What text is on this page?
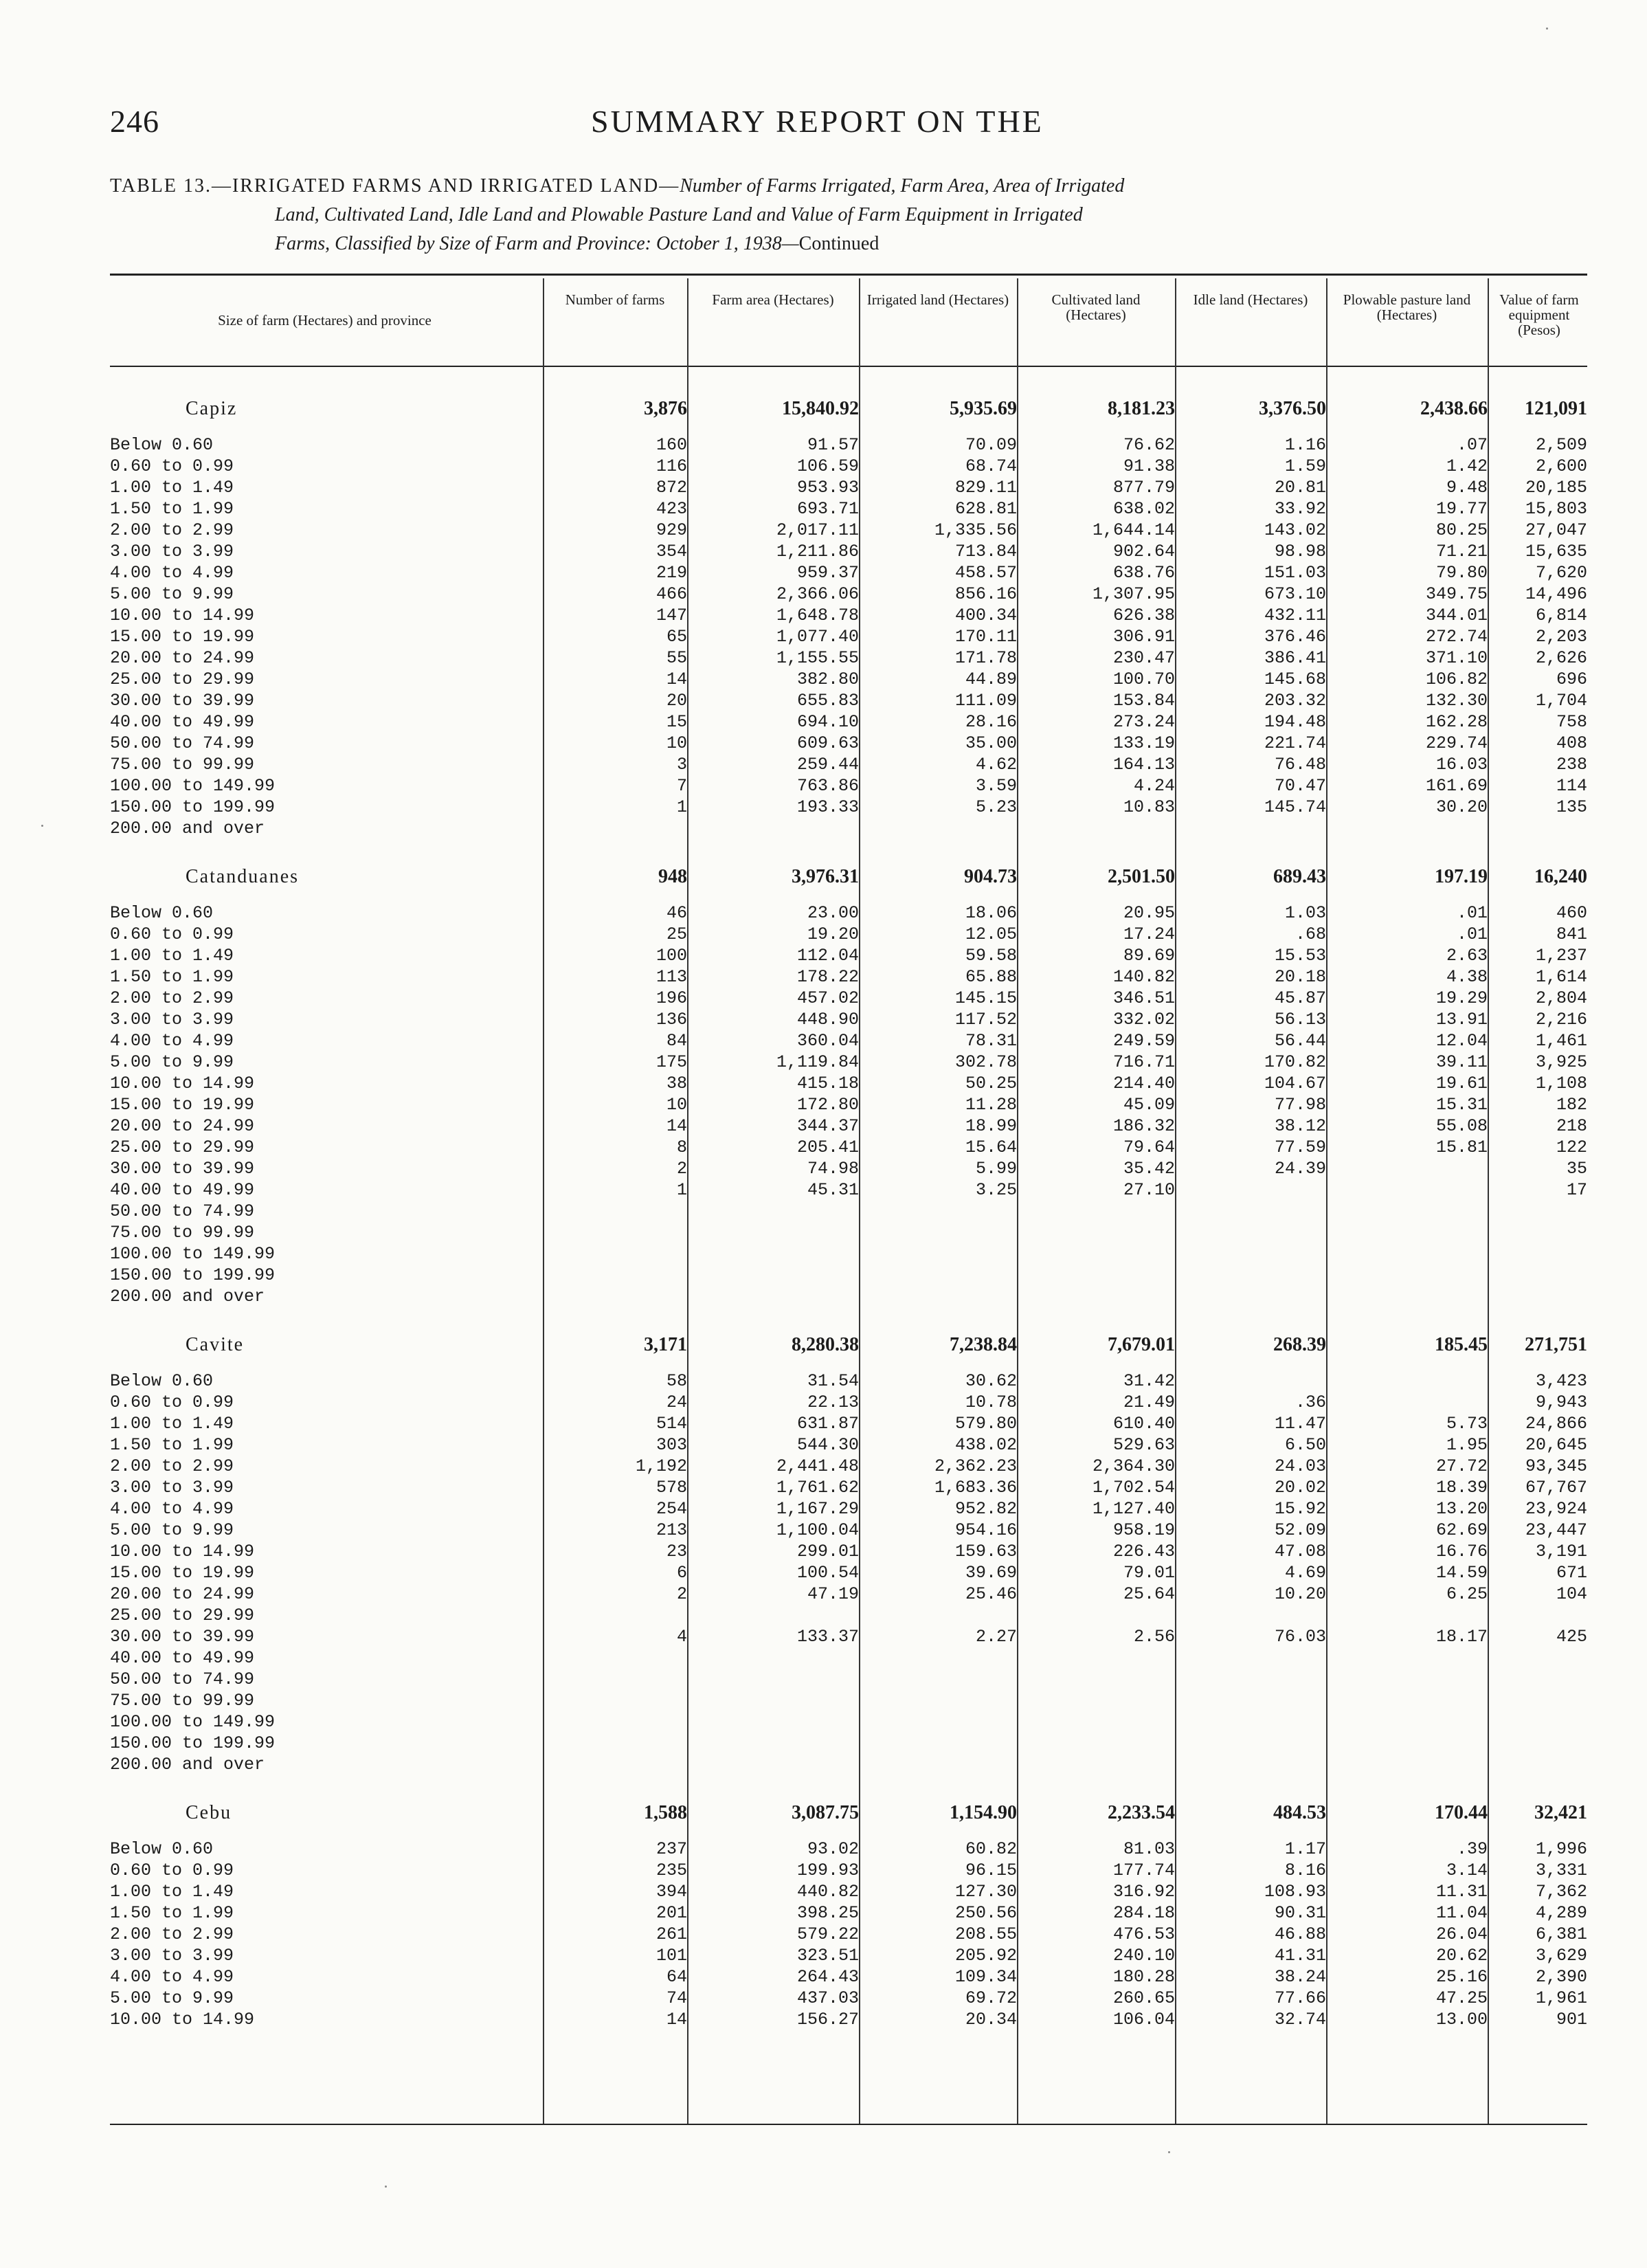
246	SUMMARY REPORT ON THE
TABLE 13.—IRRIGATED FARMS AND IRRIGATED LAND—Number of Farms Irrigated, Farm Area, Area of Irrigated
Land, Cultivated Land, Idle Land and Plowable Pasture Land and Value of Farm Equipment in Irrigated
Farms, Classified by Size of Farm and Province: October 1, 1938—Continued
Size of farm (Hectares) and province
Number of farms	Farm area (Hectares)	Irrigated land (Hectares)	Cultivated land (Hectares)
Idle land (Hectares)	Plowable pasture land (Hectares)
Value of farm equipment (Pesos)
Capiz	3,876	15,840.92	5,935.69	8,181.23	3,376.50	2,438.66	121,091

Below 0.60	160	91.57	70.09	76.62	1.16	.07	2,509
0.60 to 0.99	116	106.59	68.74	91.38	1.59	1.42	2,600
1.00 to 1.49	872	953.93	829.11	877.79	20.81	9.48	20,185
1.50 to 1.99	423	693.71	628.81	638.02	33.92	19.77	15,803
2.00 to 2.99	929	2,017.11	1,335.56	1,644.14	143.02	80.25	27,047
3.00 to 3.99	354	1,211.86	713.84	902.64	98.98	71.21	15,635
4.00 to 4.99	219	959.37	458.57	638.76	151.03	79.80	7,620
5.00 to 9.99	466	2,366.06	856.16	1,307.95	673.10	349.75	14,496
10.00 to 14.99	147	1,648.78	400.34	626.38	432.11	344.01	6,814
15.00 to 19.99	65	1,077.40	170.11	306.91	376.46	272.74	2,203
20.00 to 24.99	55	1,155.55	171.78	230.47	386.41	371.10	2,626
25.00 to 29.99	14	382.80	44.89	100.70	145.68	106.82	696
30.00 to 39.99	20	655.83	111.09	153.84	203.32	132.30	1,704
40.00 to 49.99	15	694.10	28.16	273.24	194.48	162.28	758
50.00 to 74.99	10	609.63	35.00	133.19	221.74	229.74	408
75.00 to 99.99	3	259.44	4.62	164.13	76.48	16.03	238
100.00 to 149.99	7	763.86	3.59	4.24	70.47	161.69	114
150.00 to 199.99	1	193.33	5.23	10.83	145.74	30.20	135
200.00 and over							
Catanduanes	948	3,976.31	904.73	2,501.50	689.43	197.19	16,240

Below 0.60	46	23.00	18.06	20.95	1.03	.01	460
0.60 to 0.99	25	19.20	12.05	17.24	.68	.01	841
1.00 to 1.49	100	112.04	59.58	89.69	15.53	2.63	1,237
1.50 to 1.99	113	178.22	65.88	140.82	20.18	4.38	1,614
2.00 to 2.99	196	457.02	145.15	346.51	45.87	19.29	2,804
3.00 to 3.99	136	448.90	117.52	332.02	56.13	13.91	2,216
4.00 to 4.99	84	360.04	78.31	249.59	56.44	12.04	1,461
5.00 to 9.99	175	1,119.84	302.78	716.71	170.82	39.11	3,925
10.00 to 14.99	38	415.18	50.25	214.40	104.67	19.61	1,108
15.00 to 19.99	10	172.80	11.28	45.09	77.98	15.31	182
20.00 to 24.99	14	344.37	18.99	186.32	38.12	55.08	218
25.00 to 29.99	8	205.41	15.64	79.64	77.59	15.81	122
30.00 to 39.99	2	74.98	5.99	35.42	24.39		35
40.00 to 49.99	1	45.31	3.25	27.10			17
50.00 to 74.99							
75.00 to 99.99							
100.00 to 149.99							
150.00 to 199.99							
200.00 and over							
Cavite	3,171	8,280.38	7,238.84	7,679.01	268.39	185.45	271,751

Below 0.60	58	31.54	30.62	31.42			3,423
0.60 to 0.99	24	22.13	10.78	21.49	.36		9,943
1.00 to 1.49	514	631.87	579.80	610.40	11.47	5.73	24,866
1.50 to 1.99	303	544.30	438.02	529.63	6.50	1.95	20,645
2.00 to 2.99	1,192	2,441.48	2,362.23	2,364.30	24.03	27.72	93,345
3.00 to 3.99	578	1,761.62	1,683.36	1,702.54	20.02	18.39	67,767
4.00 to 4.99	254	1,167.29	952.82	1,127.40	15.92	13.20	23,924
5.00 to 9.99	213	1,100.04	954.16	958.19	52.09	62.69	23,447
10.00 to 14.99	23	299.01	159.63	226.43	47.08	16.76	3,191
15.00 to 19.99	6	100.54	39.69	79.01	4.69	14.59	671
20.00 to 24.99	2	47.19	25.46	25.64	10.20	6.25	104
25.00 to 29.99							
30.00 to 39.99	4	133.37	2.27	2.56	76.03	18.17	425
40.00 to 49.99							
50.00 to 74.99							
75.00 to 99.99							
100.00 to 149.99							
150.00 to 199.99							
200.00 and over							
Cebu	1,588	3,087.75	1,154.90	2,233.54	484.53	170.44	32,421

Below 0.60	237	93.02	60.82	81.03	1.17	.39	1,996
0.60 to 0.99	235	199.93	96.15	177.74	8.16	3.14	3,331
1.00 to 1.49	394	440.82	127.30	316.92	108.93	11.31	7,362
1.50 to 1.99	201	398.25	250.56	284.18	90.31	11.04	4,289
2.00 to 2.99	261	579.22	208.55	476.53	46.88	26.04	6,381
3.00 to 3.99	101	323.51	205.92	240.10	41.31	20.62	3,629
4.00 to 4.99	64	264.43	109.34	180.28	38.24	25.16	2,390
5.00 to 9.99	74	437.03	69.72	260.65	77.66	47.25	1,961
10.00 to 14.99	14	156.27	20.34	106.04	32.74	13.00	901
